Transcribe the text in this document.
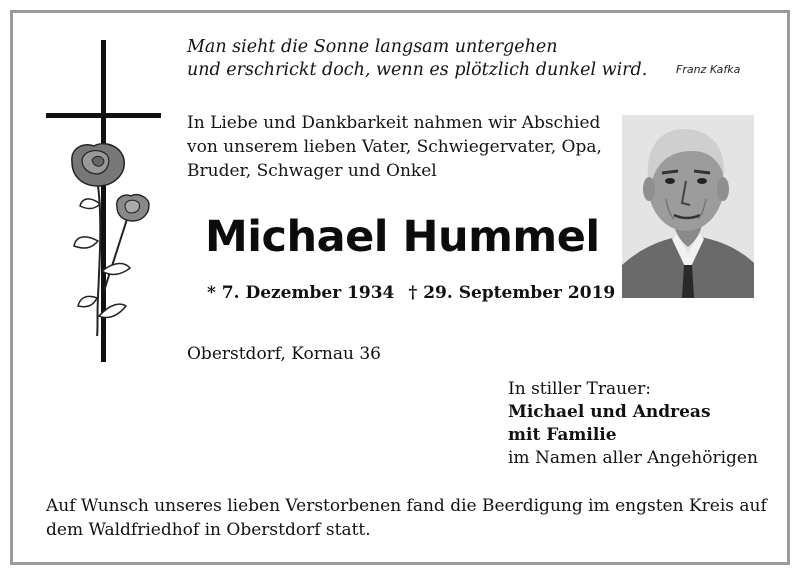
Man sieht die Sonne langsam untergehen
und erschrickt doch, wenn es plötzlich dunkel wird.	Franz Kafka
In Liebe und Dankbarkeit nahmen wir Abschied
von unserem lieben Vater, Schwiegervater, Opa,
Bruder, Schwager und Onkel
Michael Hummel
* 7. Dezember 1934 † 29. September 2019
Oberstdorf, Kornau 36
In stiller Trauer:
Michael und Andreas
mit Familie
im Namen aller Angehörigen
Auf Wunsch unseres lieben Verstorbenen fand die Beerdigung im engsten Kreis auf
dem Waldfriedhof in Oberstdorf statt.
